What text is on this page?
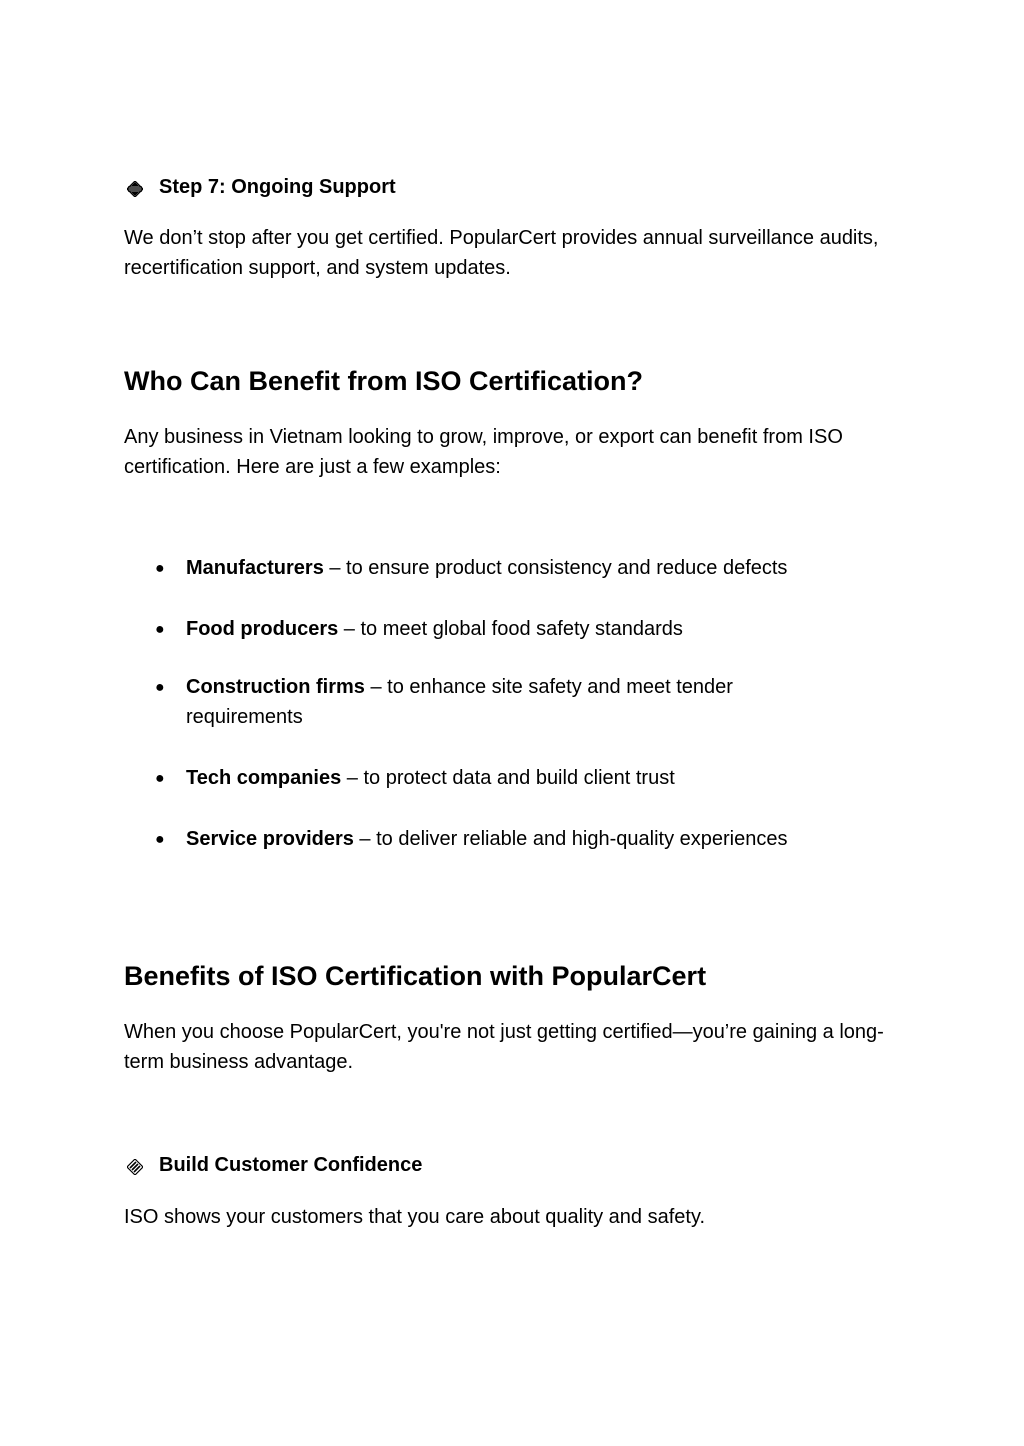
Step 7: Ongoing Support
We don’t stop after you get certified. PopularCert provides annual surveillance audits, recertification support, and system updates.
Who Can Benefit from ISO Certification?
Any business in Vietnam looking to grow, improve, or export can benefit from ISO certification. Here are just a few examples:
●	Manufacturers – to ensure product consistency and reduce defects
●	Food producers – to meet global food safety standards
●	Construction firms – to enhance site safety and meet tender requirements
●	Tech companies – to protect data and build client trust
●	Service providers – to deliver reliable and high-quality experiences
Benefits of ISO Certification with PopularCert
When you choose PopularCert, you're not just getting certified—you’re gaining a long-term business advantage.
Build Customer Confidence
ISO shows your customers that you care about quality and safety.
